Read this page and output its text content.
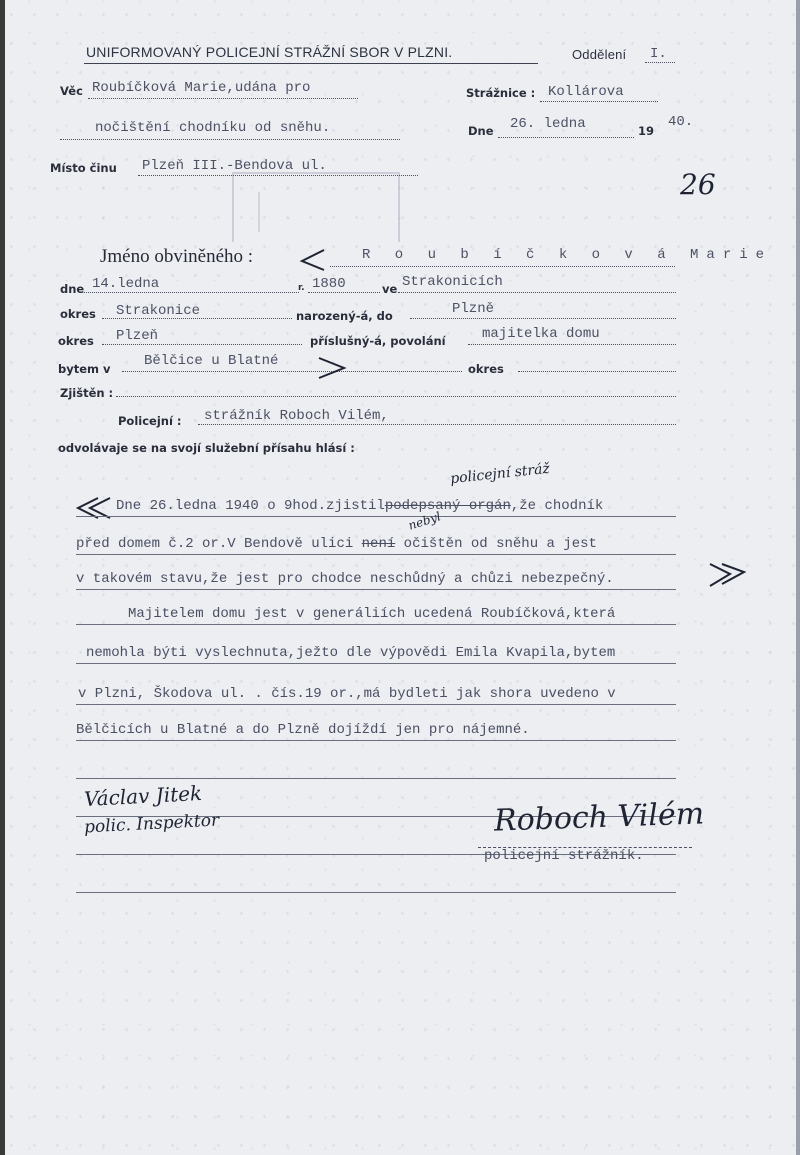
UNIFORMOVANÝ POLICEJNÍ STRÁŽNÍ SBOR V PLZNI.	Oddělení I.
Věc Roubíčková Marie,udána pro
nočištění chodníku od sněhu.
Strážnice : Kollárova
Dne 26. ledna	19
40.
Místo činu Plzeň III.-Bendova ul.
26
Jméno obviněného :	R o u b í č k o v á Marie
dne 14.ledna	r. 1880	ve Strakonicích
okres Strakonice	narozený-á, do	Plzně
okres Plzeň	příslušný-á, povolání	majitelka domu
bytem v Bělčice u Blatné	okres
Zjištěn :
Policejní : strážník Roboch Vilém,
odvolávaje se na svojí služební přísahu hlásí :
policejní stráž
Dne 26.ledna 1940 o 9hod.zjistilpodepsaný orgán,že chodník
nebyl
před domem č.2 or.V Bendově ulici není očištěn od sněhu a jest
v takovém stavu,že jest pro chodce neschůdný a chůzi nebezpečný.
Majitelem domu jest v generáliích ucedená Roubíčková,která
nemohla býti vyslechnuta,ježto dle výpovědi Emila Kvapila,bytem
v Plzni, Škodova ul. . čís.19 or.,má bydleti jak shora uvedeno v
Bělčicích u Blatné a do Plzně dojíždí jen pro nájemné.
Václav Jitek
polic. Inspektor	Roboch Vilém
policejní strážník.
